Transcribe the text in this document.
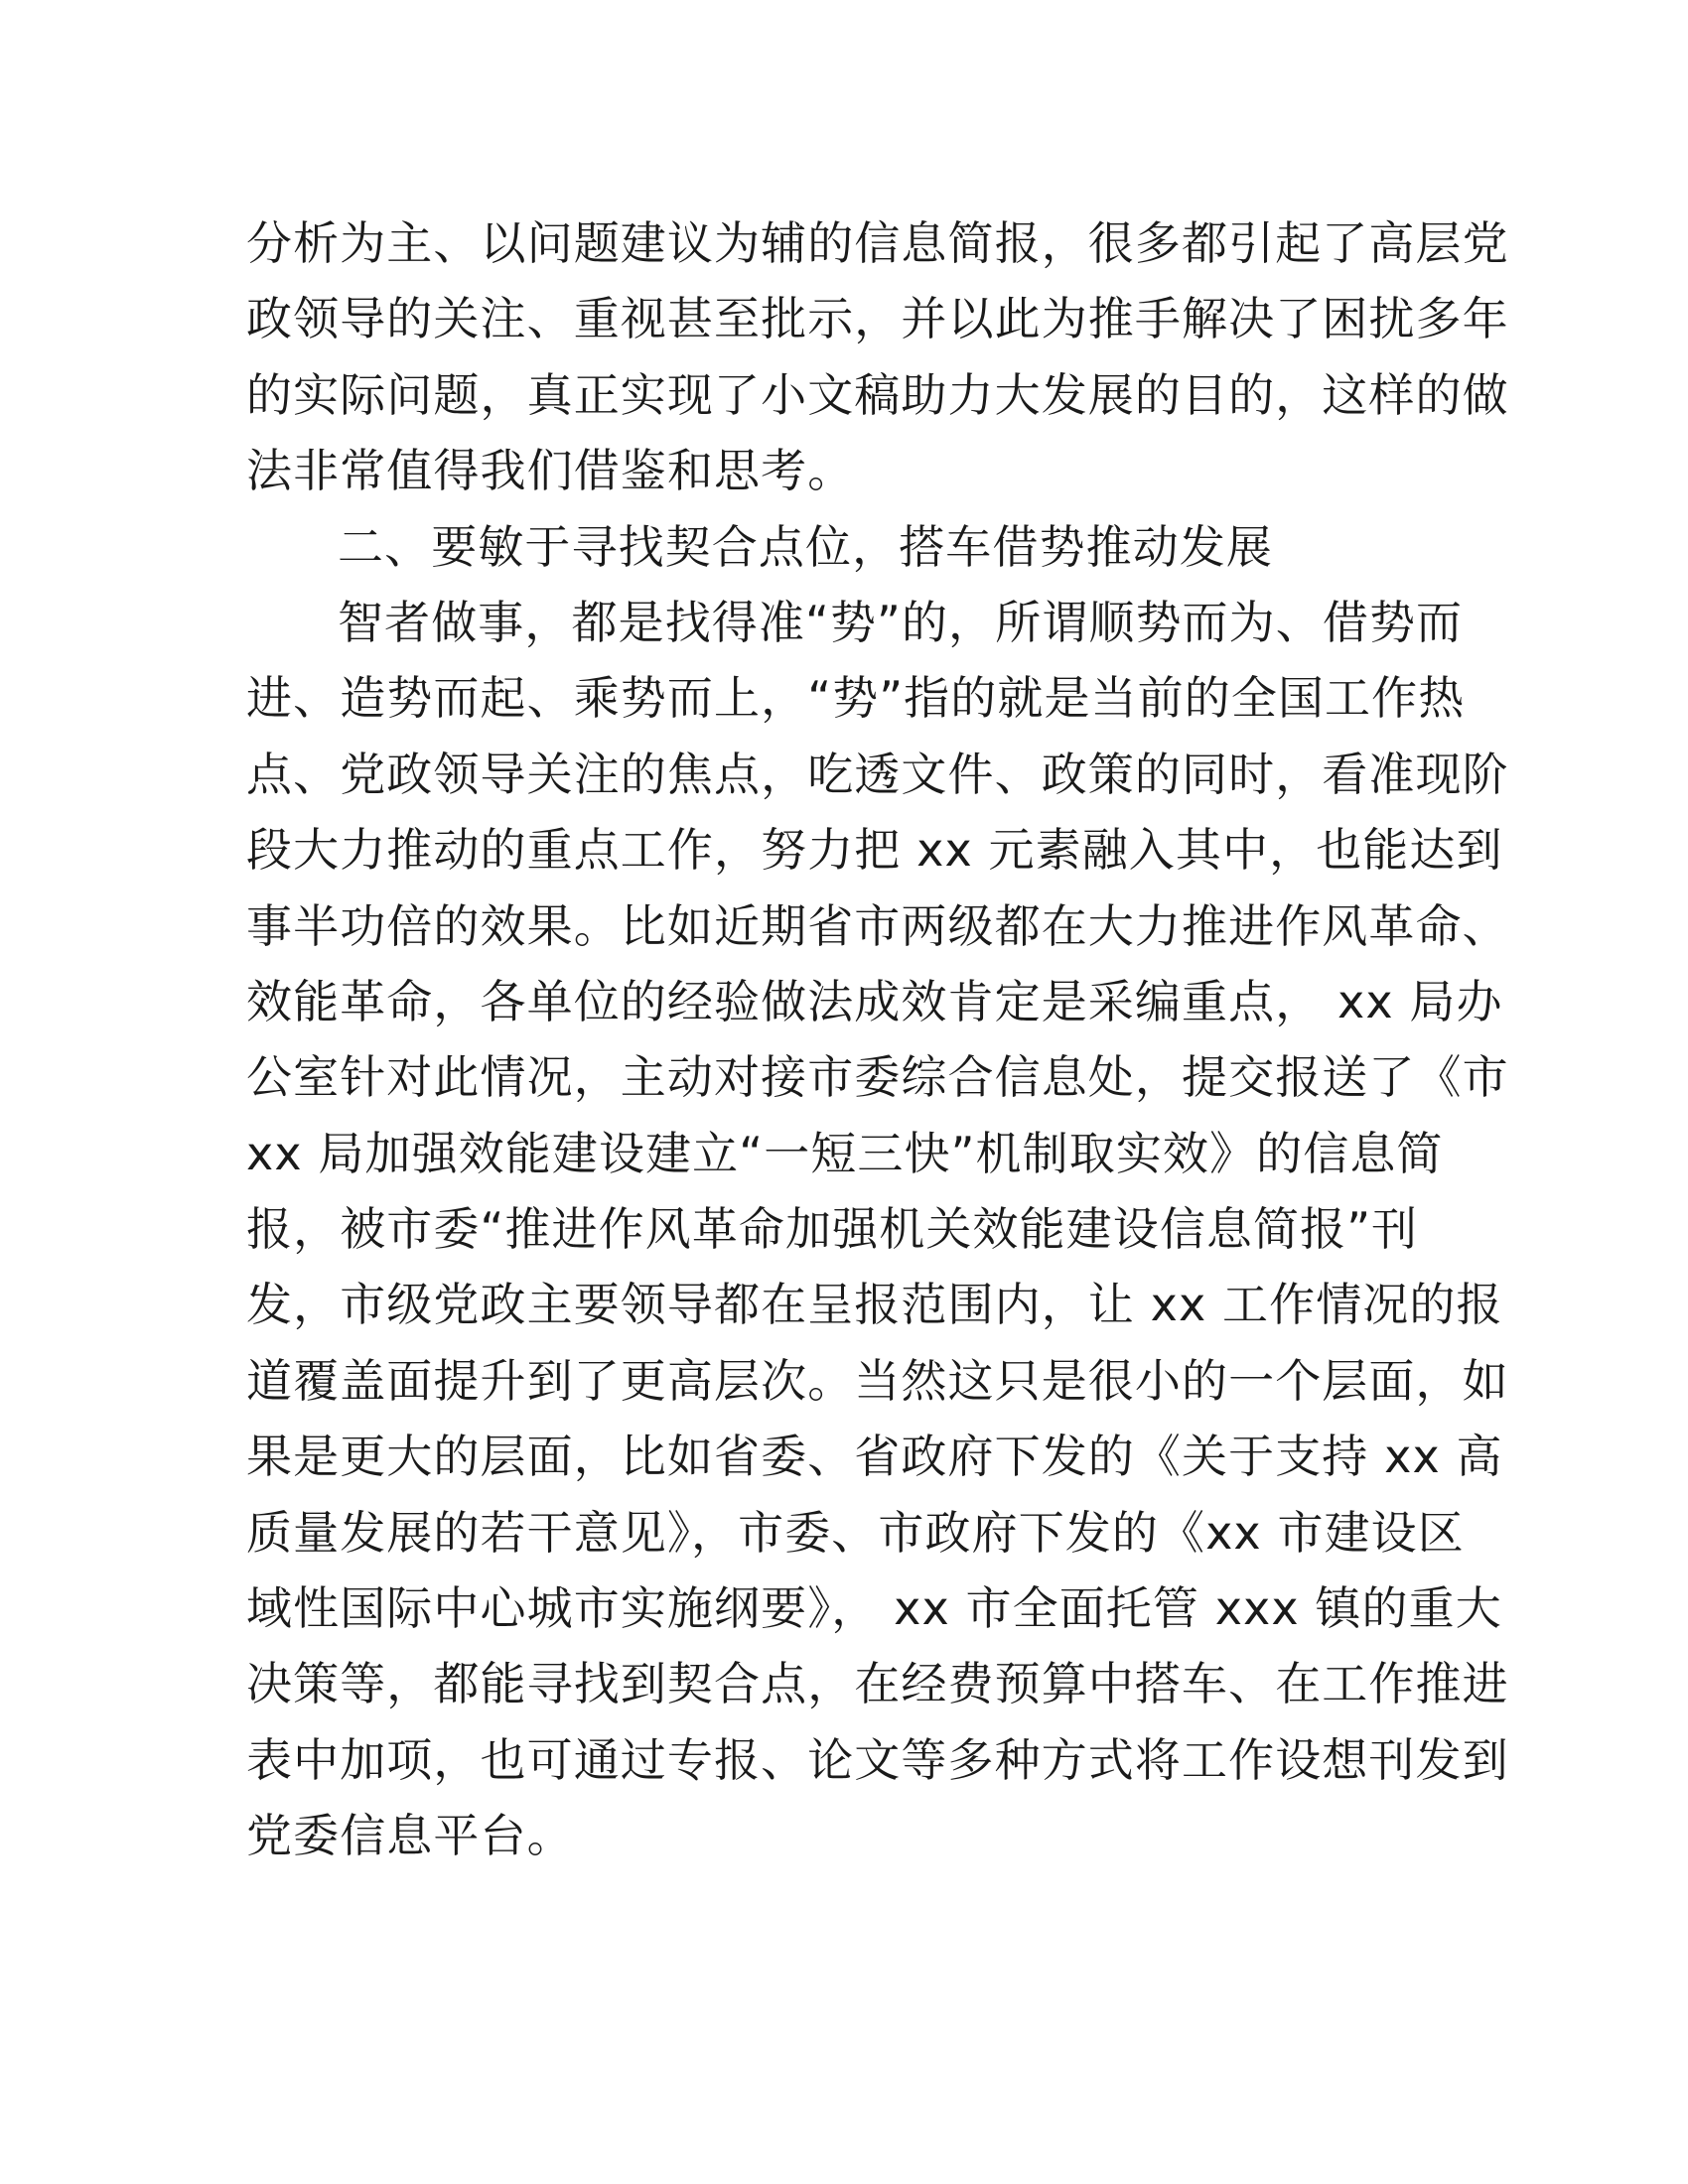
分析为主、以问题建议为辅的信息简报，很多都引起了高层党
政领导的关注、重视甚至批示，并以此为推手解决了困扰多年
的实际问题，真正实现了小文稿助力大发展的目的，这样的做
法非常值得我们借鉴和思考。
二、要敏于寻找契合点位，搭车借势推动发展
智者做事，都是找得准“势”的，所谓顺势而为、借势而
进、造势而起、乘势而上，“势”指的就是当前的全国工作热
点、党政领导关注的焦点，吃透文件、政策的同时，看准现阶
段大力推动的重点工作，努力把 xx 元素融入其中，也能达到
事半功倍的效果。比如近期省市两级都在大力推进作风革命、
效能革命，各单位的经验做法成效肯定是采编重点， xx 局办
公室针对此情况，主动对接市委综合信息处，提交报送了《市
xx 局加强效能建设建立“一短三快”机制取实效》的信息简
报，被市委“推进作风革命加强机关效能建设信息简报”刊
发，市级党政主要领导都在呈报范围内，让 xx 工作情况的报
道覆盖面提升到了更高层次。当然这只是很小的一个层面，如
果是更大的层面，比如省委、省政府下发的《关于支持 xx 高
质量发展的若干意见》，市委、市政府下发的《xx 市建设区
域性国际中心城市实施纲要》， xx 市全面托管 xxx 镇的重大
决策等，都能寻找到契合点，在经费预算中搭车、在工作推进
表中加项，也可通过专报、论文等多种方式将工作设想刊发到
党委信息平台。
